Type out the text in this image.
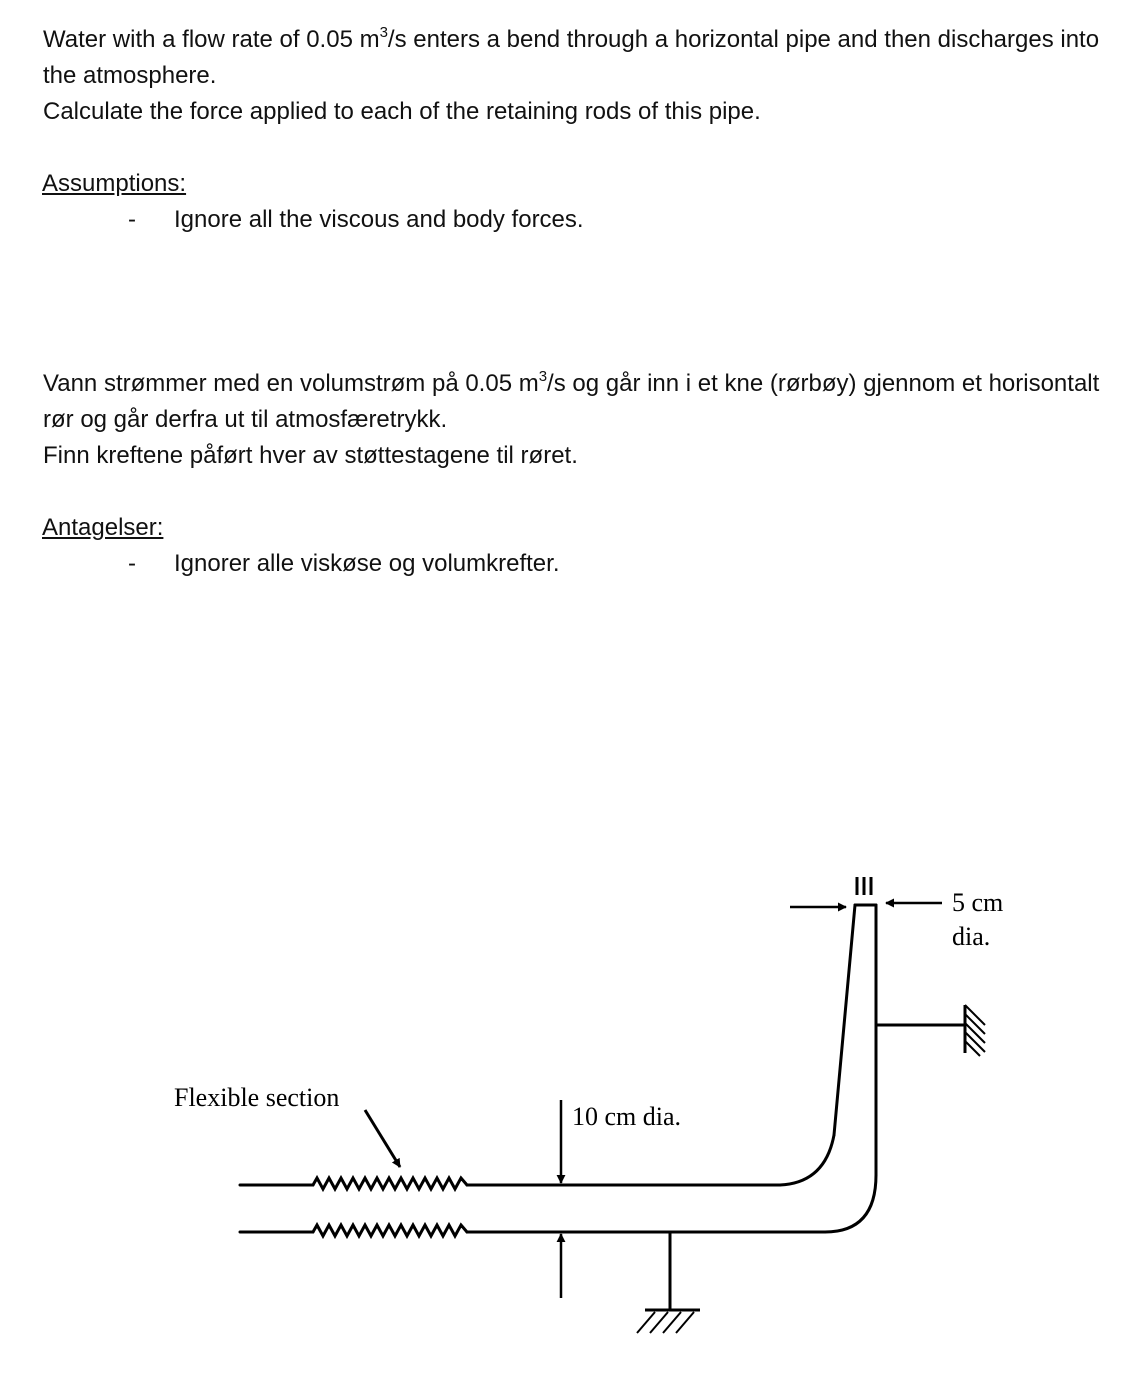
Water with a flow rate of 0.05 $m^3/s$ enters a bend through a horizontal pipe and then discharges into the atmosphere.

Calculate the force applied to each of the retaining rods of this pipe.

Assumptions:
- Ignore all the viscous and body forces.

Vann strømmer med en volumstrøm på 0.05 $m^3/s$ og går inn i et kne (rørbøy) gjennom et horisontalt rør og går derfra ut til atmosfæretrykk.

Finn kreftene påført hver av støttestagene til røret.

Antagelser:
- Ignorer alle viskøse og volumkrefter.
5 cm
dia.
10 cm dia.
Flexible section
